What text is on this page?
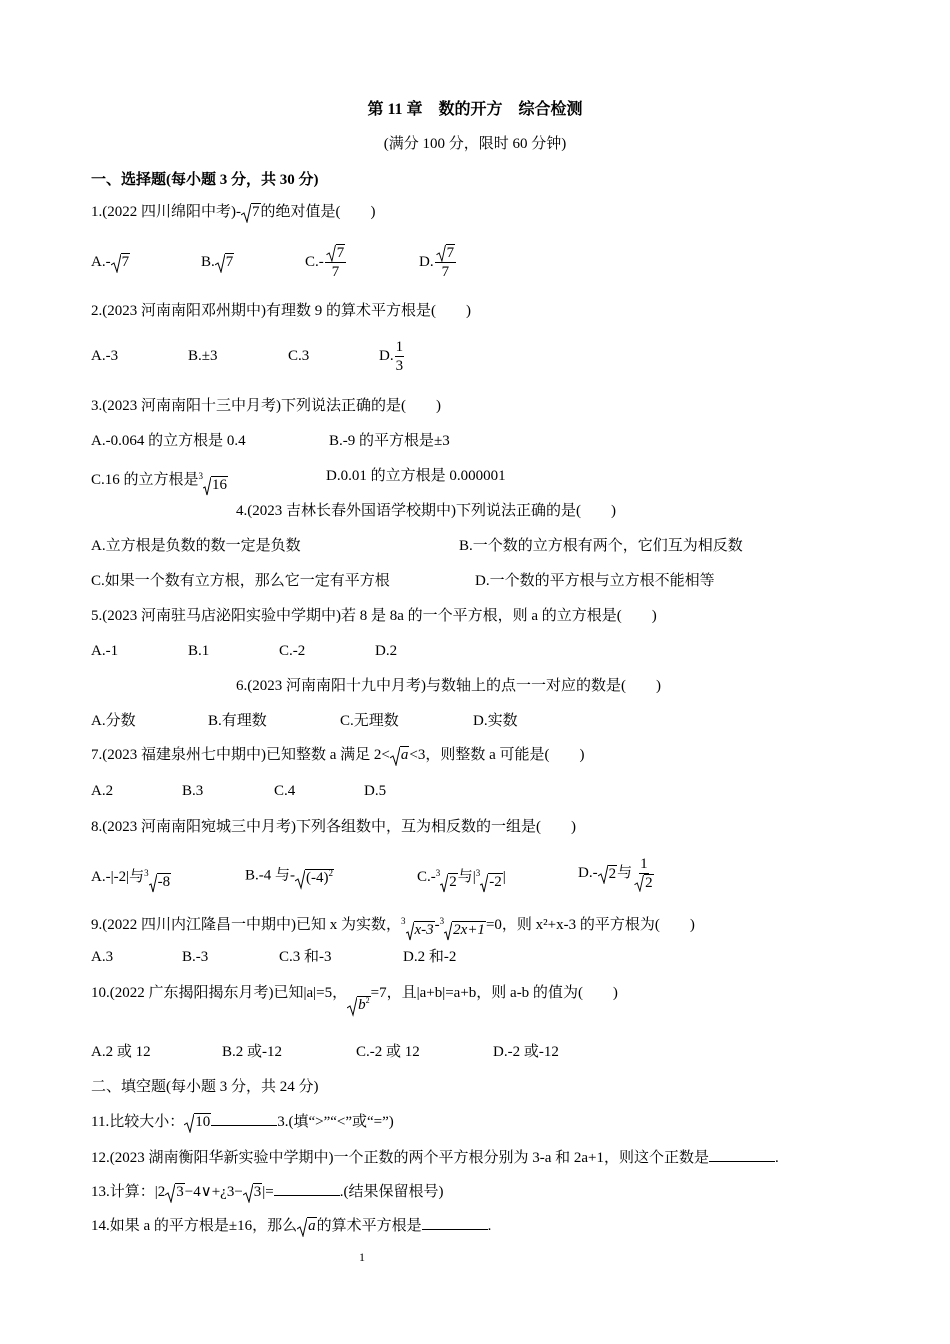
第 11 章　数的开方　综合检测
(满分 100 分，限时 60 分钟)
一、选择题(每小题 3 分，共 30 分)
1.(2022 四川绵阳中考)- 7的绝对值是(　　)
A.- 7	B. 7	$C.- \frac{7}{7}$	D. $\frac{7}{7}$
2.(2023 河南南阳邓州期中)有理数 9 的算术平方根是(　　)
A.-3	B.±3	C.3	D. $\frac{1}{3}$
3.(2023 河南南阳十三中月考)下列说法正确的是(　　)
A.-0.064 的立方根是 0.4	B.-9 的平方根是±3
C.16 的立方根是$^3$16
D.0.01 的立方根是 0.000001
4.(2023 吉林长春外国语学校期中)下列说法正确的是(　　)
A.立方根是负数的数一定是负数	B.一个数的立方根有两个，它们互为相反数
C.如果一个数有立方根，那么它一定有平方根	D.一个数的平方根与立方根不能相等
5.(2023 河南驻马店泌阳实验中学期中)若 8 是 8a 的一个平方根，则 a 的立方根是(　　)
A.-1	B.1	C.-2	D.2
6.(2023 河南南阳十九中月考)与数轴上的点一一对应的数是(　　)
A.分数	B.有理数	C.无理数	D.实数
7.(2023 福建泉州七中期中)已知整数 a 满足 2< a<3，则整数 a 可能是(　　)
A.2	B.3	C.4	D.5
8.(2023 河南南阳宛城三中月考)下列各组数中，互为相反数的一组是(　　)
A.-|-2|与$^3$-8	B.-4 与- $(-4)^2$	C.-$^3$2与$|^3-2|$	D.- 2与 $\frac{1}{2}$
9.(2022 四川内江隆昌一中期中)已知 x 为实数，$^3$x-3-$^3$2x+1=0，则 x²+x-3 的平方根为(　　)
A.3	B.-3	C.3 和-3	D.2 和-2
10.(2022 广东揭阳揭东月考)已知|a|=5，$b^2=7$，且|a+b|=a+b，则 a-b 的值为(　　)
A.2 或 12	B.2 或-12	C.-2 或 12	D.-2 或-12
二、填空题(每小题 3 分，共 24 分)
11.比较大小： 10	3.(填“>”“<”或“=”)
12.(2023 湖南衡阳华新实验中学期中)一个正数的两个平方根分别为 3-a 和 2a+1，则这个正数是	.
13.计算：|2 3−4∨+¿3− 3|=	.(结果保留根号)
14.如果 a 的平方根是±16，那么 a的算术平方根是	.
1
